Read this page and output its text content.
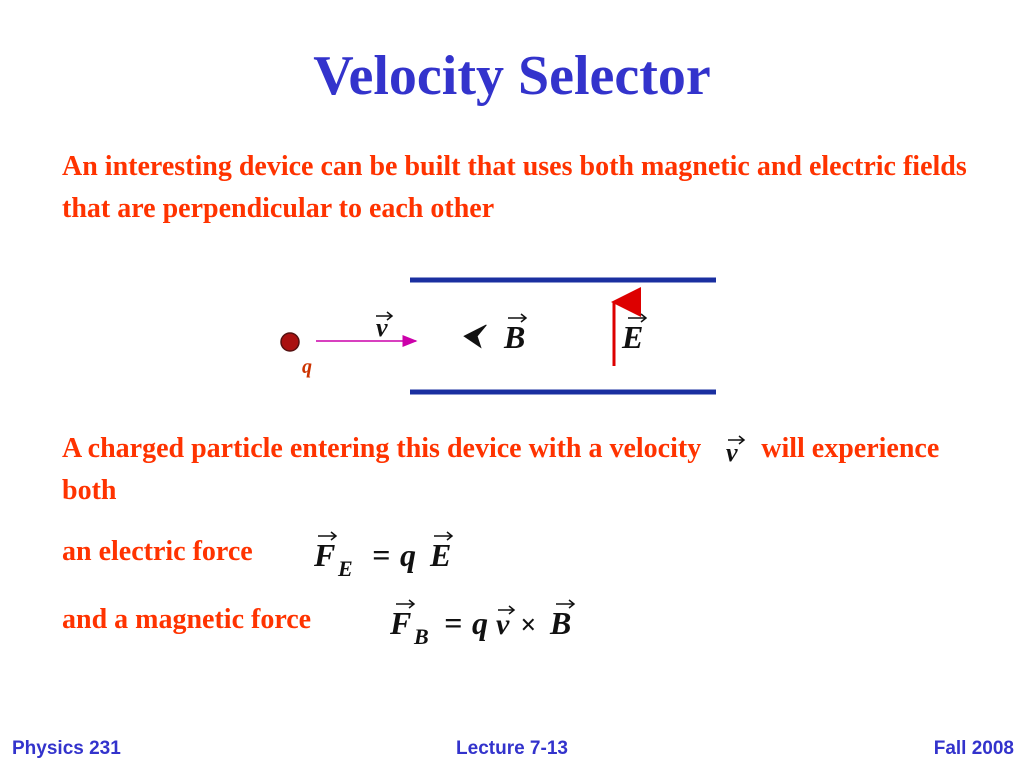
Velocity Selector
An interesting device can be built that uses both magnetic and electric fields that are perpendicular to each other
q
v	⮜ B	E
A charged particle entering this device with a velocity v will experience both
an electric force F E = q E
and a magnetic force F B = q v × B
Physics 231	Lecture 7-13	Fall 2008
